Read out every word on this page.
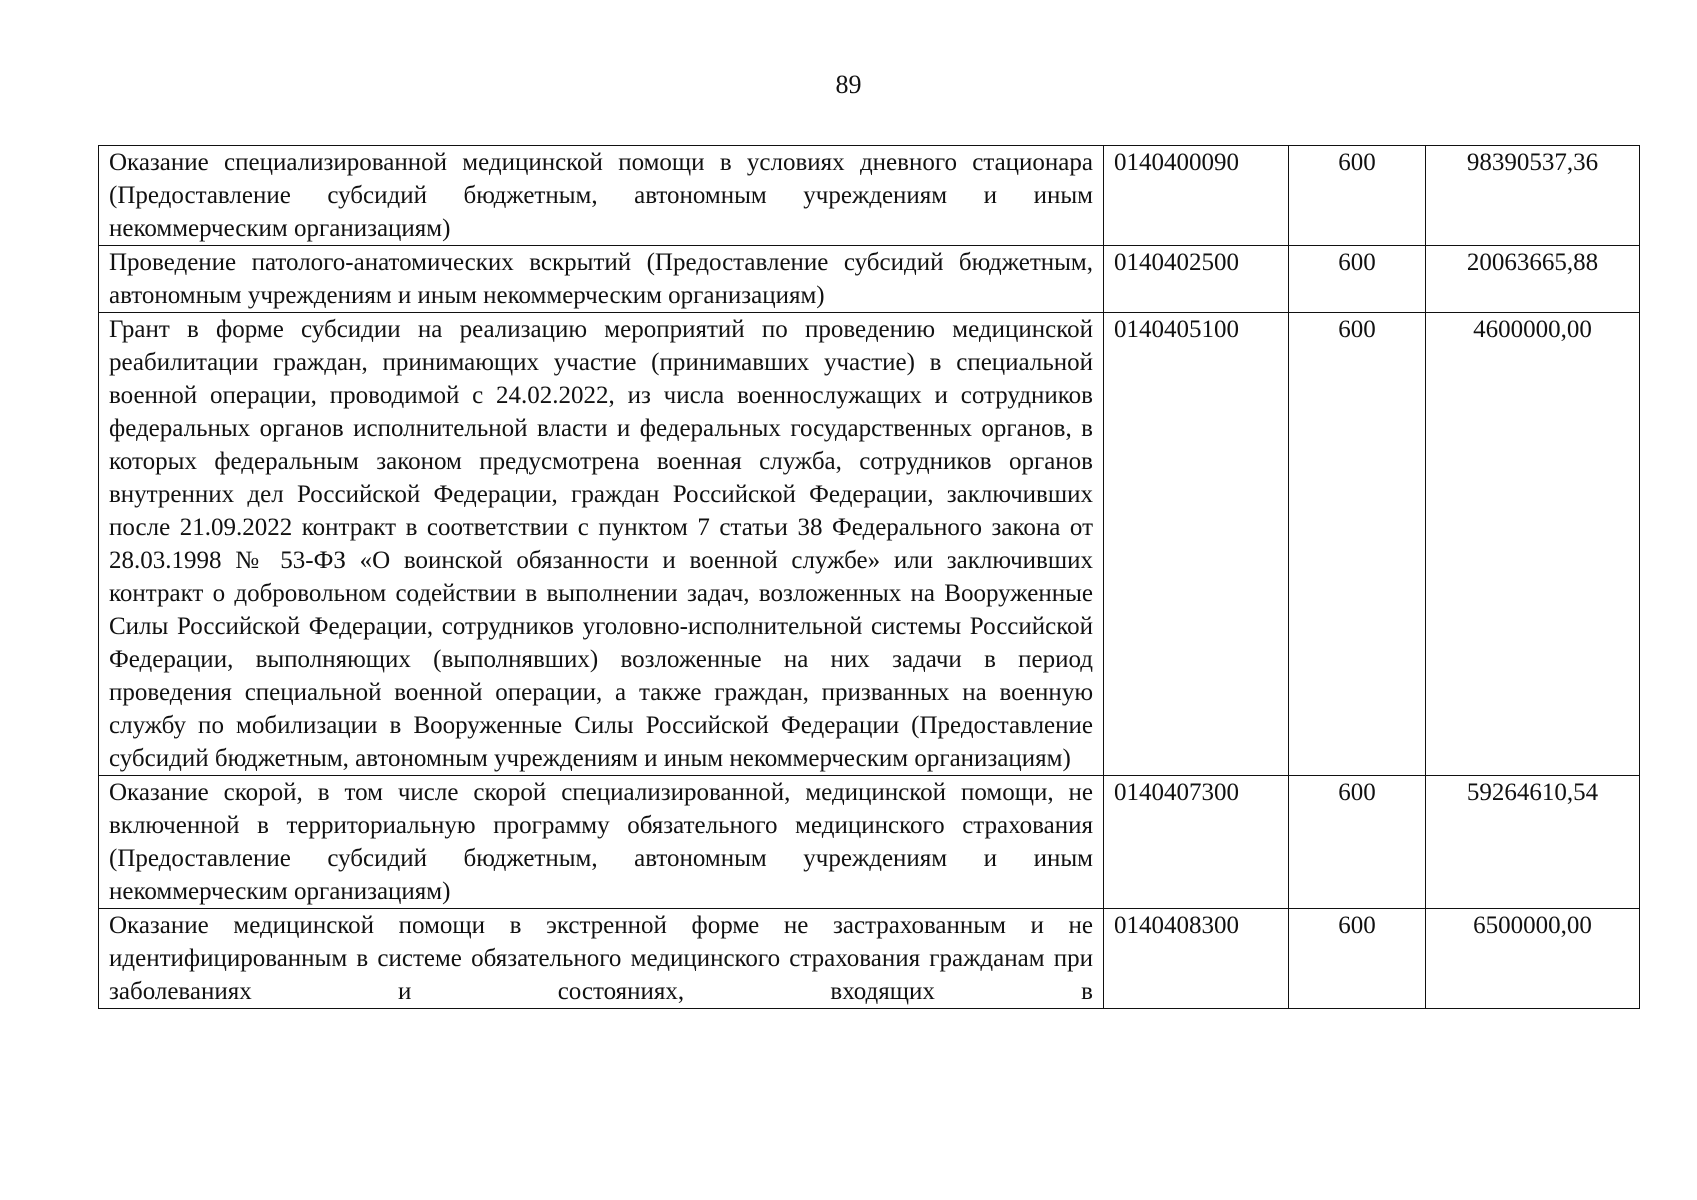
89
Оказание специализированной медицинской помощи в условиях дневного стационара (Предоставление субсидий бюджетным, автономным учреждениям и иным некоммерческим организациям)	0140400090	600	98390537,36
Проведение патолого-анатомических вскрытий (Предоставление субсидий бюджетным, автономным учреждениям и иным некоммерческим организациям)	0140402500	600	20063665,88
Грант в форме субсидии на реализацию мероприятий по проведению медицинской реабилитации граждан, принимающих участие (принимавших участие) в специальной военной операции, проводимой с 24.02.2022, из числа военнослужащих и сотрудников федеральных органов исполнительной власти и федеральных государственных органов, в которых федеральным законом предусмотрена военная служба, сотрудников органов внутренних дел Российской Федерации, граждан Российской Федерации, заключивших после 21.09.2022 контракт в соответствии с пунктом 7 статьи 38 Федерального закона от 28.03.1998 № 53-ФЗ «О воинской обязанности и военной службе» или заключивших контракт о добровольном содействии в выполнении задач, возложенных на Вооруженные Силы Российской Федерации, сотрудников уголовно-исполнительной системы Российской Федерации, выполняющих (выполнявших) возложенные на них задачи в период проведения специальной военной операции, а также граждан, призванных на военную службу по мобилизации в Вооруженные Силы Российской Федерации (Предоставление субсидий бюджетным, автономным учреждениям и иным некоммерческим организациям)	0140405100	600	4600000,00
Оказание скорой, в том числе скорой специализированной, медицинской помощи, не включенной в территориальную программу обязательного медицинского страхования (Предоставление субсидий бюджетным, автономным учреждениям и иным некоммерческим организациям)	0140407300	600	59264610,54
Оказание медицинской помощи в экстренной форме не застрахованным и не идентифицированным в системе обязательного медицинского страхования гражданам при заболеваниях и состояниях, входящих в	0140408300	600	6500000,00
